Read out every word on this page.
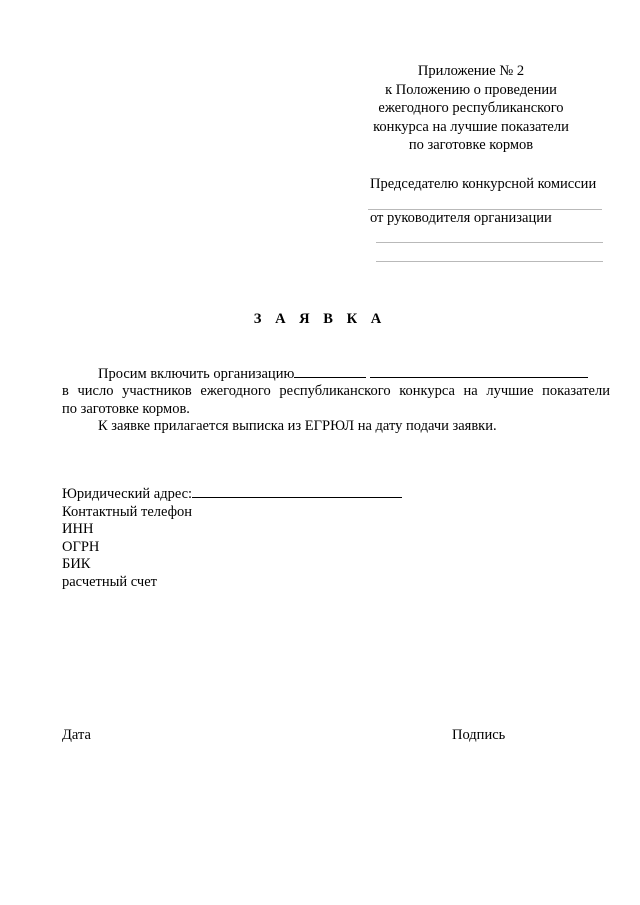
Приложение № 2
к Положению о проведении
ежегодного республиканского
конкурса на лучшие показатели
по заготовке кормов
Председателю конкурсной комиссии
от руководителя организации
З А Я В К А
Просим включить организацию
в число участников ежегодного республиканского конкурса на лучшие показатели
по заготовке кормов.
К заявке прилагается выписка из ЕГРЮЛ на дату подачи заявки.
Юридический адрес:
Контактный телефон
ИНН
ОГРН
БИК
расчетный счет
Дата	Подпись
